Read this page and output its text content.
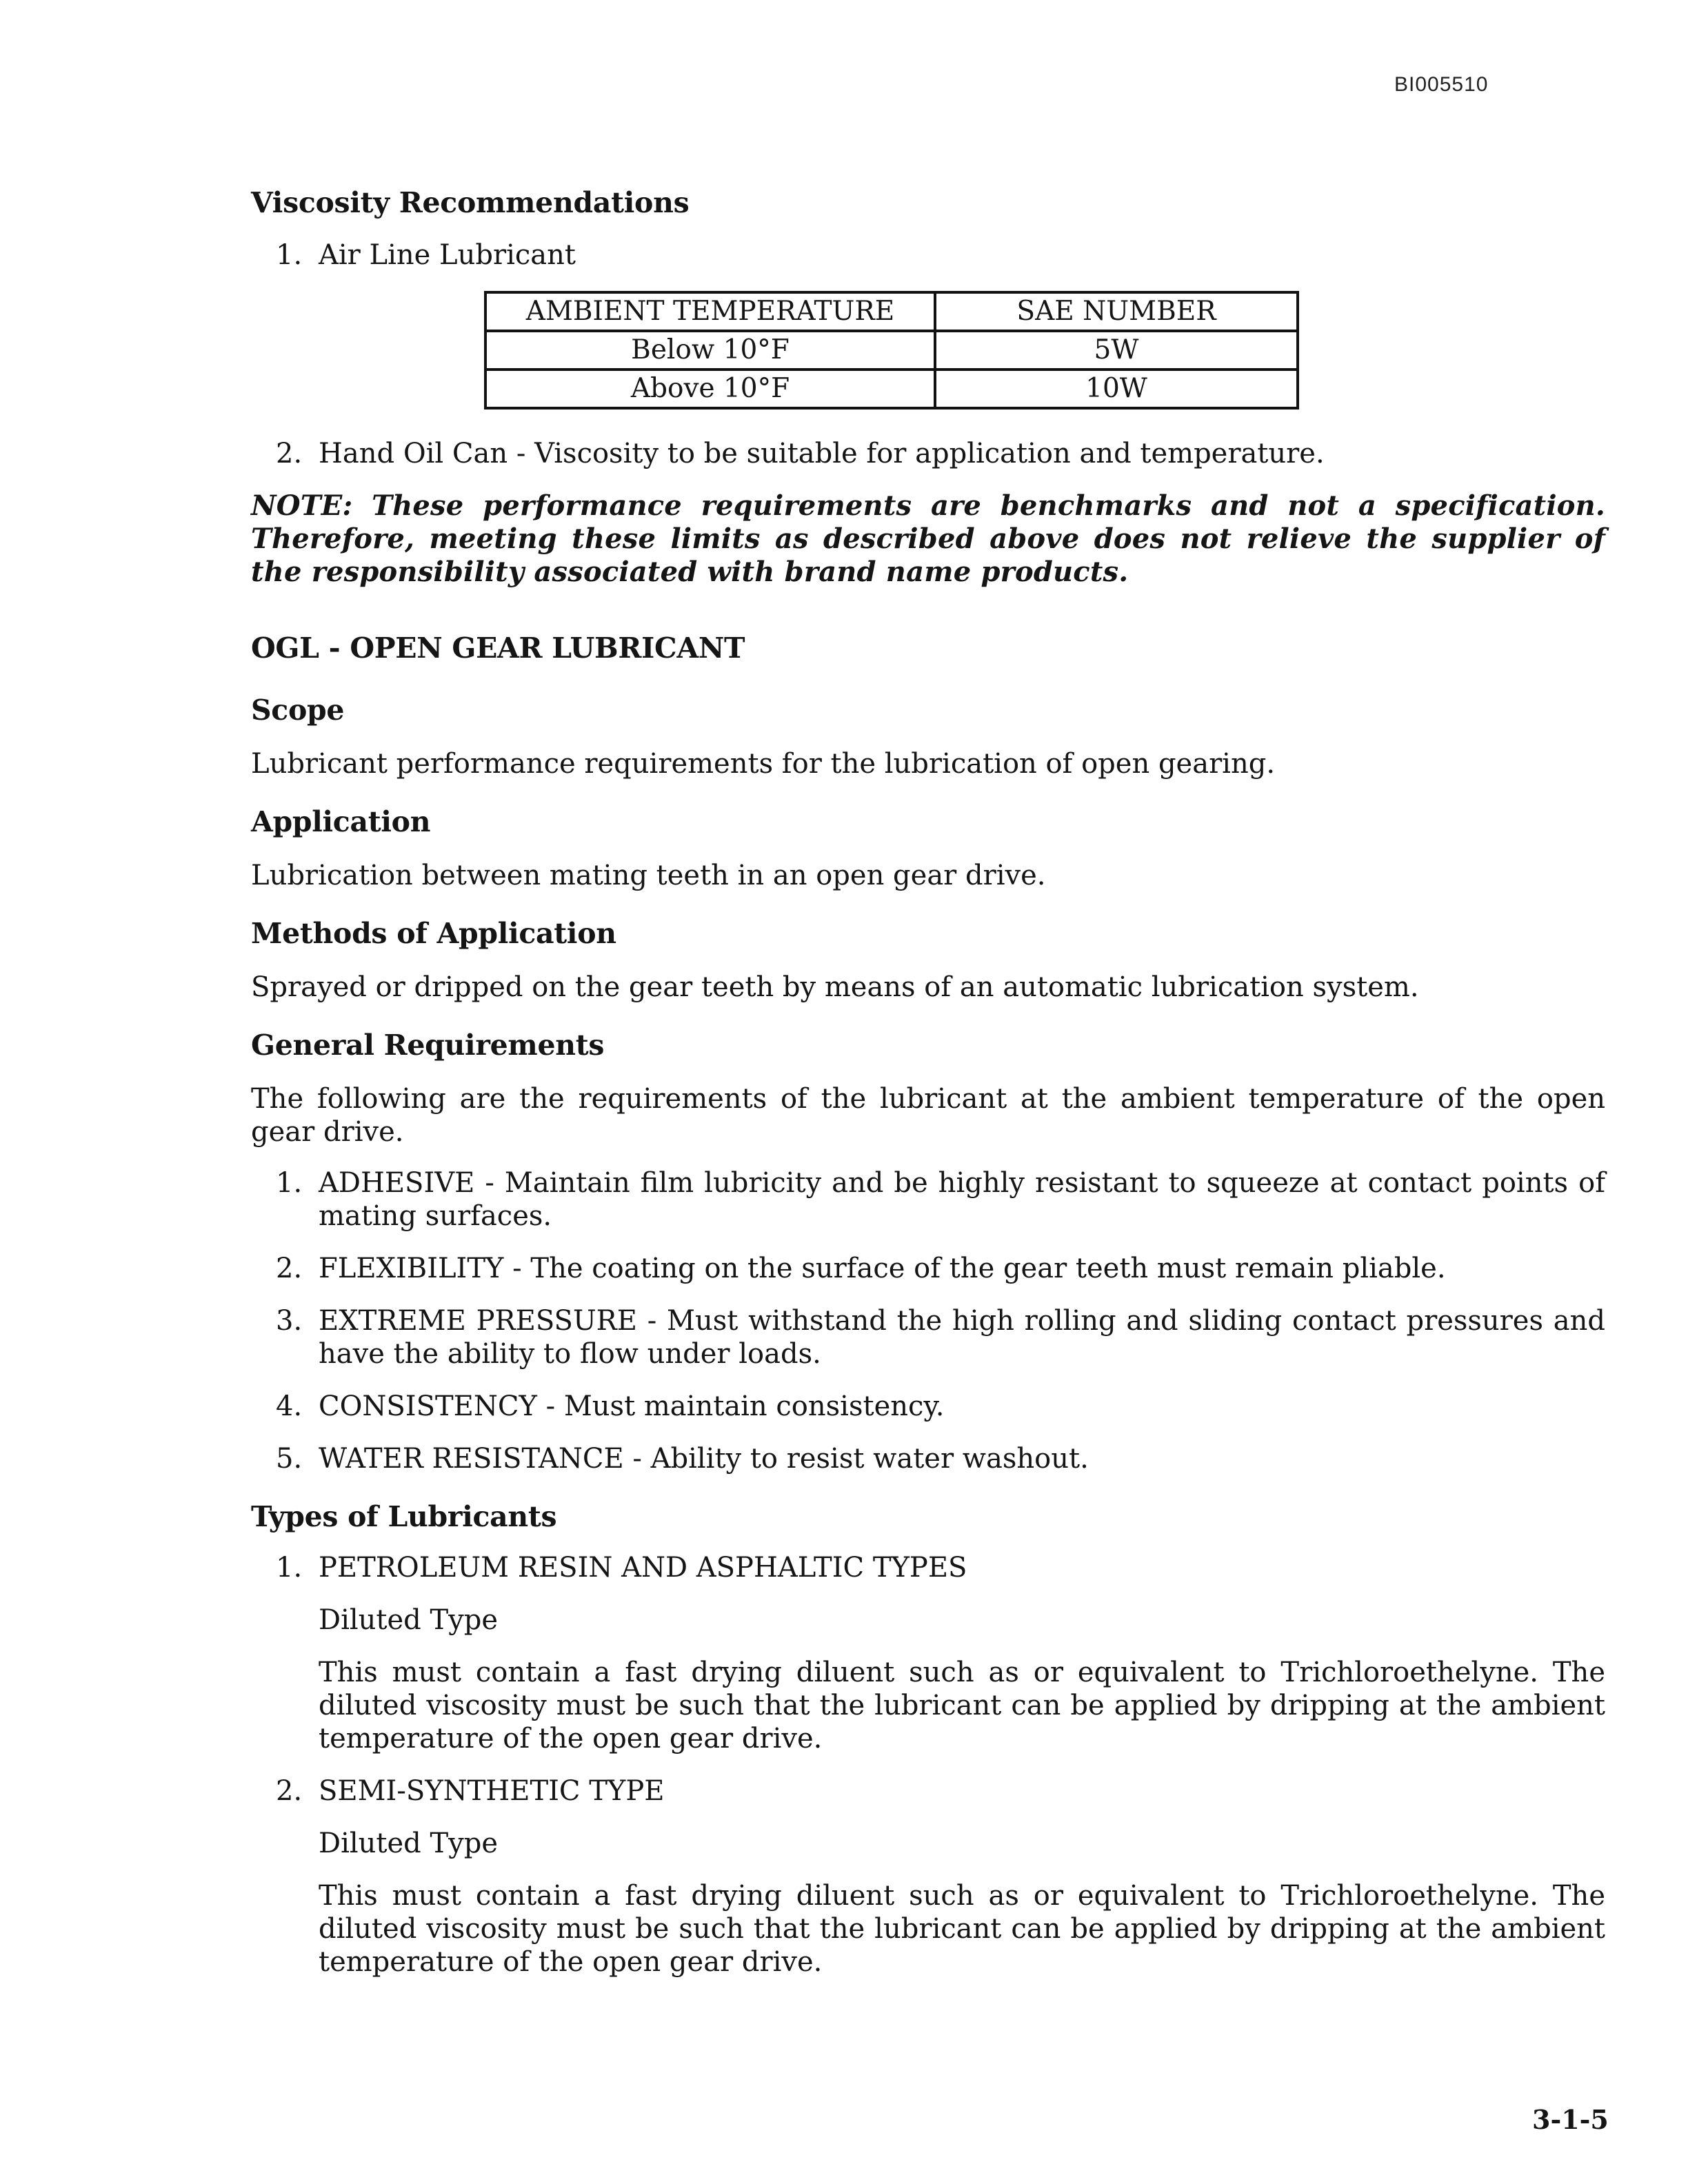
BI005510
Viscosity Recommendations
1. Air Line Lubricant
AMBIENT TEMPERATURE	SAE NUMBER
Below 10°F	5W
Above 10°F	10W
2. Hand Oil Can - Viscosity to be suitable for application and temperature.

NOTE: These performance requirements are benchmarks and not a specification. Therefore, meeting these limits as described above does not relieve the supplier of the responsibility associated with brand name products.

OGL - OPEN GEAR LUBRICANT
Scope

Lubricant performance requirements for the lubrication of open gearing.

Application

Lubrication between mating teeth in an open gear drive.

Methods of Application

Sprayed or dripped on the gear teeth by means of an automatic lubrication system.

General Requirements

The following are the requirements of the lubricant at the ambient temperature of the open gear drive.

1. ADHESIVE - Maintain film lubricity and be highly resistant to squeeze at contact points of mating surfaces.
2. FLEXIBILITY - The coating on the surface of the gear teeth must remain pliable.
3. EXTREME PRESSURE - Must withstand the high rolling and sliding contact pressures and have the ability to flow under loads.
4. CONSISTENCY - Must maintain consistency.
5. WATER RESISTANCE - Ability to resist water washout.
Types of Lubricants
1. PETROLEUM RESIN AND ASPHALTIC TYPES
Diluted Type
This must contain a fast drying diluent such as or equivalent to Trichloroethelyne. The diluted viscosity must be such that the lubricant can be applied by dripping at the ambient temperature of the open gear drive.
2. SEMI-SYNTHETIC TYPE
Diluted Type
This must contain a fast drying diluent such as or equivalent to Trichloroethelyne. The diluted viscosity must be such that the lubricant can be applied by dripping at the ambient temperature of the open gear drive.
3-1-5
